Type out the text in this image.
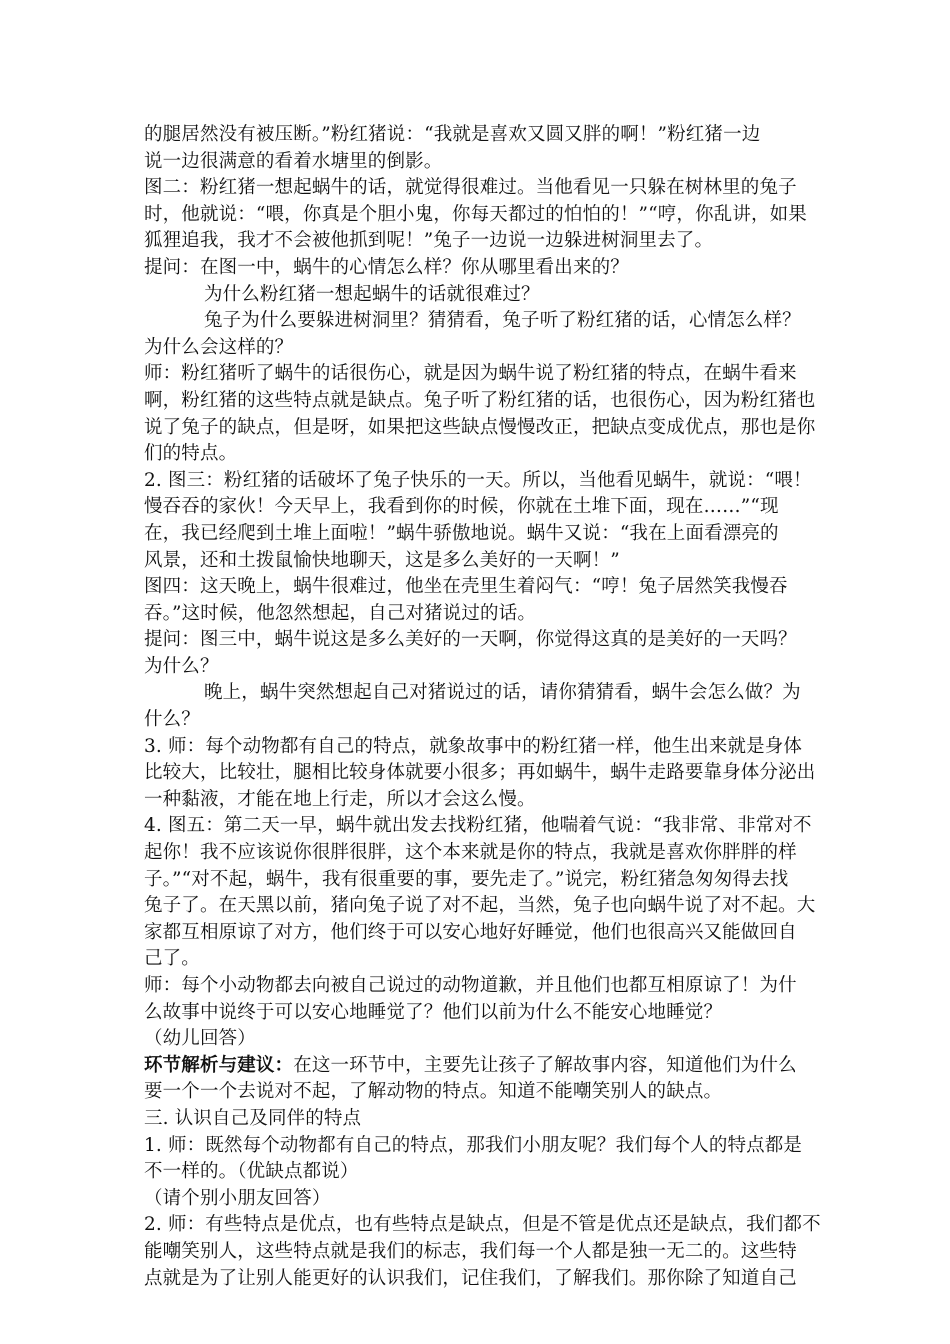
的腿居然没有被压断。”粉红猪说：“我就是喜欢又圆又胖的啊！”粉红猪一边
说一边很满意的看着水塘里的倒影。
图二：粉红猪一想起蜗牛的话，就觉得很难过。当他看见一只躲在树林里的兔子
时，他就说：“喂，你真是个胆小鬼，你每天都过的怕怕的！”“哼，你乱讲，如果
狐狸追我，我才不会被他抓到呢！”兔子一边说一边躲进树洞里去了。
提问：在图一中，蜗牛的心情怎么样？你从哪里看出来的？
为什么粉红猪一想起蜗牛的话就很难过？
兔子为什么要躲进树洞里？猜猜看，兔子听了粉红猪的话，心情怎么样？
为什么会这样的？
师：粉红猪听了蜗牛的话很伤心，就是因为蜗牛说了粉红猪的特点，在蜗牛看来
啊，粉红猪的这些特点就是缺点。兔子听了粉红猪的话，也很伤心，因为粉红猪也
说了兔子的缺点，但是呀，如果把这些缺点慢慢改正，把缺点变成优点，那也是你
们的特点。
2. 图三：粉红猪的话破坏了兔子快乐的一天。所以，当他看见蜗牛，就说：“喂！
慢吞吞的家伙！今天早上，我看到你的时候，你就在土堆下面，现在……”“现
在，我已经爬到土堆上面啦！”蜗牛骄傲地说。蜗牛又说：“我在上面看漂亮的
风景，还和土拨鼠愉快地聊天，这是多么美好的一天啊！”
图四：这天晚上，蜗牛很难过，他坐在壳里生着闷气：“哼！兔子居然笑我慢吞
吞。”这时候，他忽然想起，自己对猪说过的话。
提问：图三中，蜗牛说这是多么美好的一天啊，你觉得这真的是美好的一天吗？
为什么？
晚上，蜗牛突然想起自己对猪说过的话，请你猜猜看，蜗牛会怎么做？为
什么？
3. 师：每个动物都有自己的特点，就象故事中的粉红猪一样，他生出来就是身体
比较大，比较壮，腿相比较身体就要小很多；再如蜗牛，蜗牛走路要靠身体分泌出
一种黏液，才能在地上行走，所以才会这么慢。
4. 图五：第二天一早，蜗牛就出发去找粉红猪，他喘着气说：“我非常、非常对不
起你！我不应该说你很胖很胖，这个本来就是你的特点，我就是喜欢你胖胖的样
子。”“对不起，蜗牛，我有很重要的事，要先走了。”说完，粉红猪急匆匆得去找
兔子了。在天黑以前，猪向兔子说了对不起，当然，兔子也向蜗牛说了对不起。大
家都互相原谅了对方，他们终于可以安心地好好睡觉，他们也很高兴又能做回自
己了。
师：每个小动物都去向被自己说过的动物道歉，并且他们也都互相原谅了！为什
么故事中说终于可以安心地睡觉了？他们以前为什么不能安心地睡觉？
（幼儿回答）
环节解析与建议：在这一环节中，主要先让孩子了解故事内容，知道他们为什么
要一个一个去说对不起，了解动物的特点。知道不能嘲笑别人的缺点。
三. 认识自己及同伴的特点
1. 师：既然每个动物都有自己的特点，那我们小朋友呢？我们每个人的特点都是
不一样的。（优缺点都说）
（请个别小朋友回答）
2. 师：有些特点是优点，也有些特点是缺点，但是不管是优点还是缺点，我们都不
能嘲笑别人，这些特点就是我们的标志，我们每一个人都是独一无二的。这些特
点就是为了让别人能更好的认识我们，记住我们，了解我们。那你除了知道自己
